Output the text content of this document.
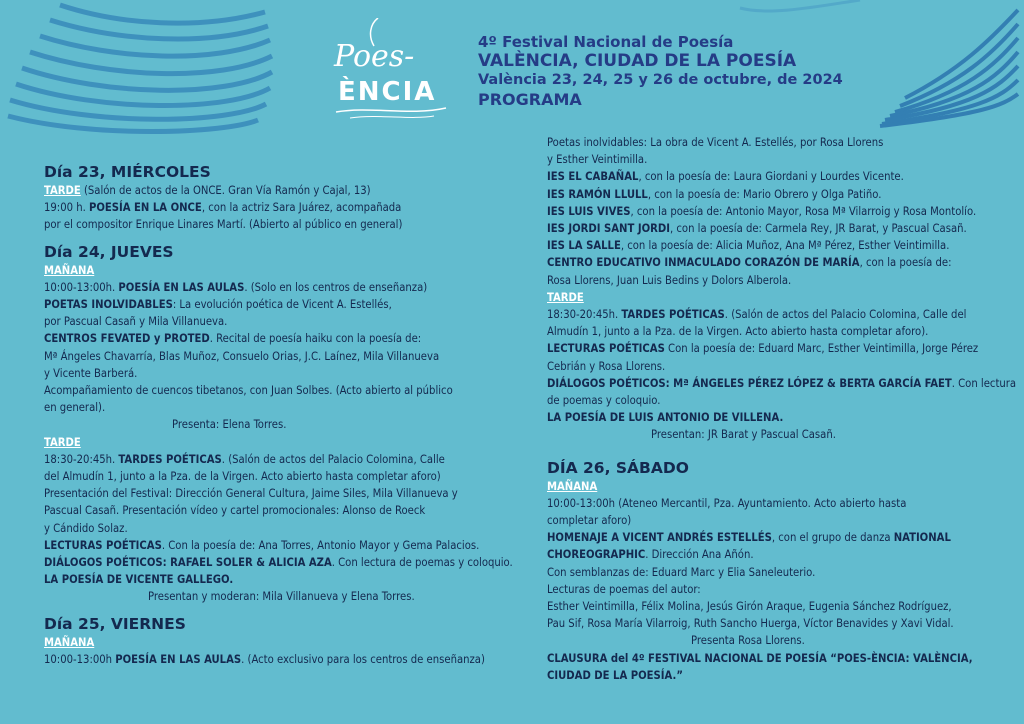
Poes-
ÈNCIA
4º Festival Nacional de Poesía
VALÈNCIA, CIUDAD DE LA POESÍA
València 23, 24, 25 y 26 de octubre, de 2024
PROGRAMA
Día 23, MIÉRCOLES
TARDE (Salón de actos de la ONCE. Gran Vía Ramón y Cajal, 13)
19:00 h. POESÍA EN LA ONCE, con la actriz Sara Juárez, acompañada
por el compositor Enrique Linares Martí. (Abierto al público en general)
Día 24, JUEVES
MAÑANA
10:00-13:00h. POESÍA EN LAS AULAS. (Solo en los centros de enseñanza)
POETAS INOLVIDABLES: La evolución poética de Vicent A. Estellés,
por Pascual Casañ y Mila Villanueva.
CENTROS FEVATED y PROTED. Recital de poesía haiku con la poesía de:
Mª Ángeles Chavarría, Blas Muñoz, Consuelo Orias, J.C. Laínez, Mila Villanueva
y Vicente Barberá.
Acompañamiento de cuencos tibetanos, con Juan Solbes. (Acto abierto al público
en general).
Presenta: Elena Torres.
TARDE
18:30-20:45h. TARDES POÉTICAS. (Salón de actos del Palacio Colomina, Calle
del Almudín 1, junto a la Pza. de la Virgen. Acto abierto hasta completar aforo)
Presentación del Festival: Dirección General Cultura, Jaime Siles, Mila Villanueva y
Pascual Casañ. Presentación vídeo y cartel promocionales: Alonso de Roeck
y Cándido Solaz.
LECTURAS POÉTICAS. Con la poesía de: Ana Torres, Antonio Mayor y Gema Palacios.
DIÁLOGOS POÉTICOS: RAFAEL SOLER & ALICIA AZA. Con lectura de poemas y coloquio.
LA POESÍA DE VICENTE GALLEGO.
Presentan y moderan: Mila Villanueva y Elena Torres.
Día 25, VIERNES
MAÑANA
10:00-13:00h POESÍA EN LAS AULAS. (Acto exclusivo para los centros de enseñanza)
Poetas inolvidables: La obra de Vicent A. Estellés, por Rosa Llorens
y Esther Veintimilla.
IES EL CABAÑAL, con la poesía de: Laura Giordani y Lourdes Vicente.
IES RAMÓN LLULL, con la poesía de: Mario Obrero y Olga Patiño.
IES LUIS VIVES, con la poesía de: Antonio Mayor, Rosa Mª Vilarroig y Rosa Montolío.
IES JORDI SANT JORDI, con la poesía de: Carmela Rey, JR Barat, y Pascual Casañ.
IES LA SALLE, con la poesía de: Alicia Muñoz, Ana Mª Pérez, Esther Veintimilla.
CENTRO EDUCATIVO INMACULADO CORAZÓN DE MARÍA, con la poesía de:
Rosa Llorens, Juan Luis Bedins y Dolors Alberola.
TARDE
18:30-20:45h. TARDES POÉTICAS. (Salón de actos del Palacio Colomina, Calle del
Almudín 1, junto a la Pza. de la Virgen. Acto abierto hasta completar aforo).
LECTURAS POÉTICAS Con la poesía de: Eduard Marc, Esther Veintimilla, Jorge Pérez
Cebrián y Rosa Llorens.
DIÁLOGOS POÉTICOS: Mª ÁNGELES PÉREZ LÓPEZ & BERTA GARCÍA FAET. Con lectura
de poemas y coloquio.
LA POESÍA DE LUIS ANTONIO DE VILLENA.
Presentan: JR Barat y Pascual Casañ.
DÍA 26, SÁBADO
MAÑANA
10:00-13:00h (Ateneo Mercantil, Pza. Ayuntamiento. Acto abierto hasta
completar aforo)
HOMENAJE A VICENT ANDRÉS ESTELLÉS, con el grupo de danza NATIONAL
CHOREOGRAPHIC. Dirección Ana Añón.
Con semblanzas de: Eduard Marc y Elia Saneleuterio.
Lecturas de poemas del autor:
Esther Veintimilla, Félix Molina, Jesús Girón Araque, Eugenia Sánchez Rodríguez,
Pau Sif, Rosa María Vilarroig, Ruth Sancho Huerga, Víctor Benavides y Xavi Vidal.
Presenta Rosa Llorens.
CLAUSURA del 4º FESTIVAL NACIONAL DE POESÍA “POES-ÈNCIA: VALÈNCIA,
CIUDAD DE LA POESÍA.”
